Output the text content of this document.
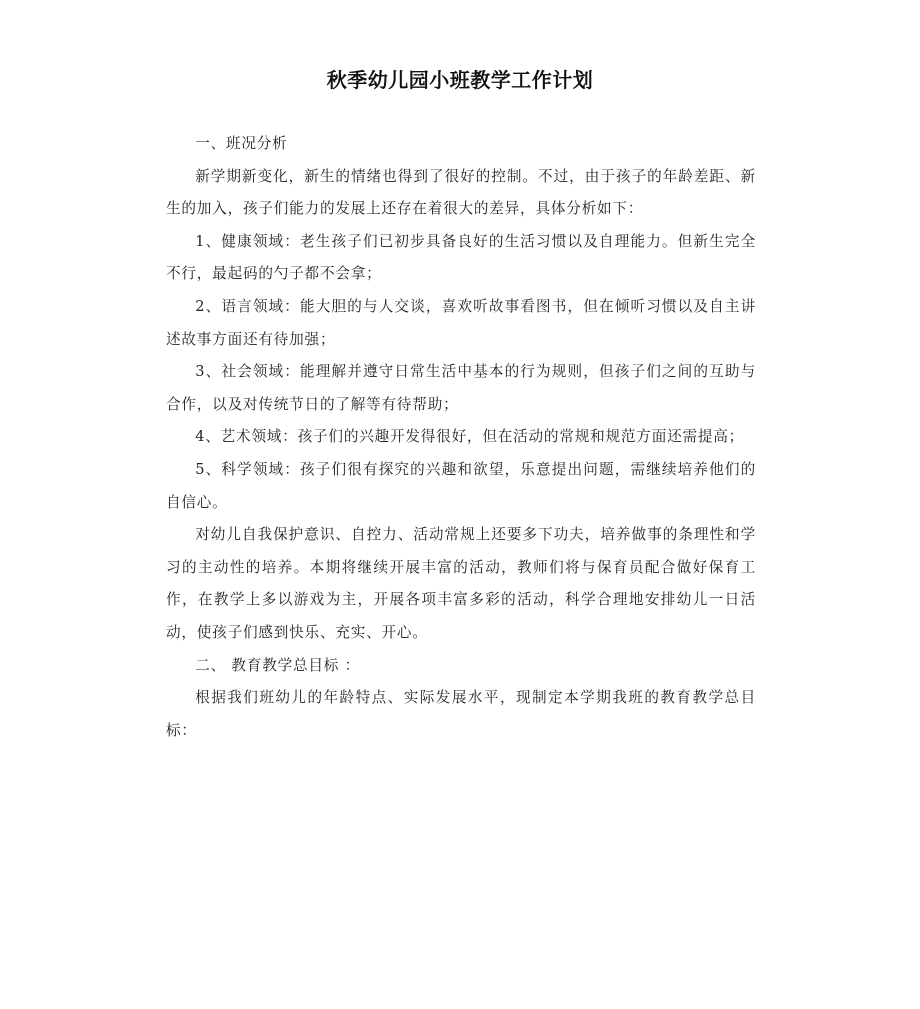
秋季幼儿园小班教学工作计划

一、班况分析

新学期新变化，新生的情绪也得到了很好的控制。不过，由于孩子的年龄差距、新生的加入，孩子们能力的发展上还存在着很大的差异，具体分析如下：

1、健康领域：老生孩子们已初步具备良好的生活习惯以及自理能力。但新生完全不行，最起码的勺子都不会拿；

2、语言领域：能大胆的与人交谈，喜欢听故事看图书，但在倾听习惯以及自主讲述故事方面还有待加强；

3、社会领域：能理解并遵守日常生活中基本的行为规则，但孩子们之间的互助与合作，以及对传统节日的了解等有待帮助；

4、艺术领域：孩子们的兴趣开发得很好，但在活动的常规和规范方面还需提高；

5、科学领域：孩子们很有探究的兴趣和欲望，乐意提出问题，需继续培养他们的自信心。

对幼儿自我保护意识、自控力、活动常规上还要多下功夫，培养做事的条理性和学习的主动性的培养。本期将继续开展丰富的活动，教师们将与保育员配合做好保育工作，在教学上多以游戏为主，开展各项丰富多彩的活动，科学合理地安排幼儿一日活动，使孩子们感到快乐、充实、开心。

二、 教育教学总目标 ：

根据我们班幼儿的年龄特点、实际发展水平，现制定本学期我班的教育教学总目标：
